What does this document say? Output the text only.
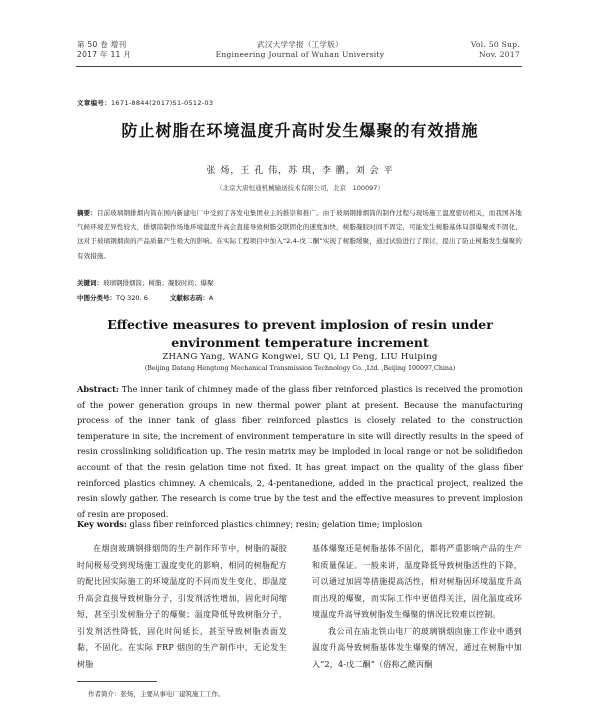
第 50 卷 增刊
2017 年 11 月
武汉大学学报（工学版）
Engineering Journal of Wuhan University
Vol. 50 Sup.
Nov. 2017
文章编号：1671-8844(2017)S1-0512-03
防止树脂在环境温度升高时发生爆聚的有效措施
张 炀，王 孔 伟，苏 琪，李 鹏，刘 会 平
（北京大唐恒通机械输送技术有限公司，北京　100097）
摘要：目前玻璃钢排烟内筒在国内新建电厂中受到了各发电集团业主的推崇和推广。由于玻璃钢排烟筒的制作过程与现场施工温度密切相关，而我国各地气候环境差异性较大，排烟筒制作场地环境温度升高会直接导致树脂交联固化的速度加快，树脂凝胶时间不固定，可能发生树脂基体局部爆聚或不固化，这对于玻璃钢烟囱的产品质量产生极大的影响。在实际工程项目中加入“2,4-戊二酮”实现了树脂缓聚，通过试验进行了探讨，提出了防止树脂发生爆聚的有效措施。
关键词：玻璃钢排烟筒；树脂；凝胶时间；爆聚
中图分类号：TQ 320. 6	文献标志码：A
Effective measures to prevent implosion of resin under environment temperature increment
ZHANG Yang, WANG Kongwei, SU Qi, LI Peng, LIU Huiping
(Beijing Datang Hengtong Mechanical Transmission Technology Co. ,Ltd. ,Beijing 100097,China)
Abstract: The inner tank of chimney made of the glass fiber reinforced plastics is received the promotion of the power generation groups in new thermal power plant at present. Because the manufacturing process of the inner tank of glass fiber reinforced plastics is closely related to the construction temperature in site, the increment of environment temperature in site will directly results in the speed of resin crosslinking solidification up. The resin matrix may be imploded in local range or not be solidifiedon account of that the resin gelation time not fixed. It has great impact on the quality of the glass fiber reinforced plastics chimney. A chemicals, 2, 4-pentanedione, added in the practical project, realized the resin slowly gather. The research is come true by the test and the effective measures to prevent implosion of resin are proposed.
Key words: glass fiber reinforced plastics chimney; resin; gelation time; implosion

在烟囱玻璃钢排烟筒的生产制作环节中，树脂的凝胶时间极易受到现场施工温度变化的影响，相同的树脂配方的配比因实际施工的环境温度的不同而发生变化，即温度升高会直接导致树脂分子，引发剂活性增加，固化时间缩短，甚至引发树脂分子的爆聚；温度降低导致树脂分子，引发剂活性降低，固化时间延长，甚至导致树脂表面发黏，不固化。在实际 FRP 烟囱的生产制作中，无论发生树脂

基体爆聚还是树脂基体不固化，都将严重影响产品的生产和质量保证。一般来讲，温度降低导致树脂活性的下降，可以通过加固等措施提高活性，相对树脂因环境温度升高而出现的爆聚，而实际工作中更值得关注，固化温度或环境温度升高导致树脂发生爆聚的情况比较难以控制。

我公司在庙北铁山电厂的玻璃钢烟囱施工作业中遇到温度升高导致树脂基体发生爆聚的情况，通过在树脂中加入“2，4-戊二酮”（俗称乙酰丙酮

作者简介：张炀，主要从事电厂建筑施工工作。
